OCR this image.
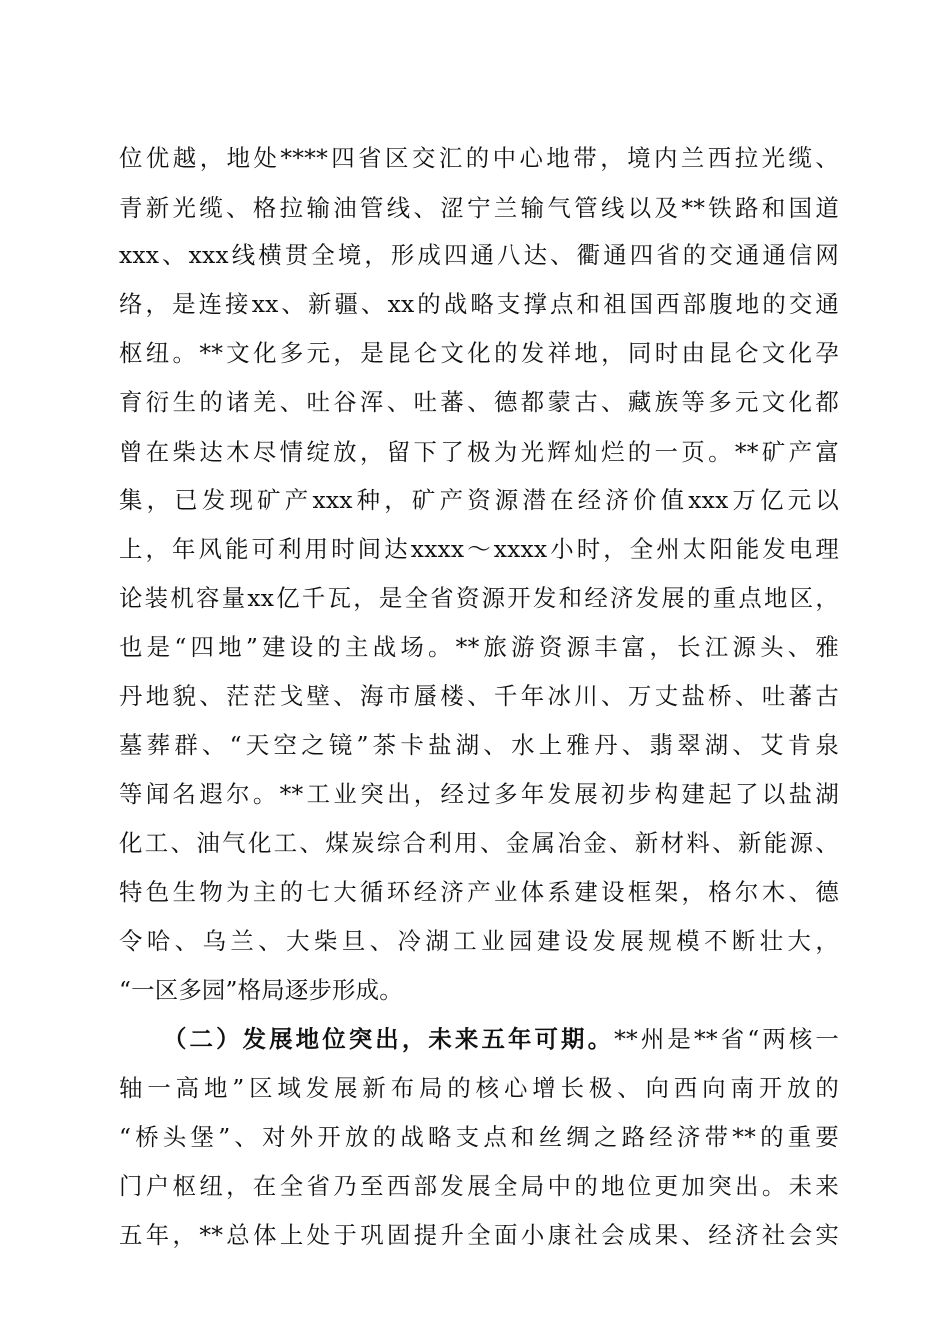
位优越，地处****四省区交汇的中心地带，境内兰西拉光缆、
青新光缆、格拉输油管线、涩宁兰输气管线以及**铁路和国道
xxx、xxx线横贯全境，形成四通八达、衢通四省的交通通信网
络，是连接xx、新疆、xx的战略支撑点和祖国西部腹地的交通
枢纽。**文化多元，是昆仑文化的发祥地，同时由昆仑文化孕
育衍生的诸羌、吐谷浑、吐蕃、德都蒙古、藏族等多元文化都
曾在柴达木尽情绽放，留下了极为光辉灿烂的一页。**矿产富
集，已发现矿产xxx种，矿产资源潜在经济价值xxx万亿元以
上，年风能可利用时间达xxxx～xxxx小时，全州太阳能发电理
论装机容量xx亿千瓦，是全省资源开发和经济发展的重点地区，
也是“四地”建设的主战场。**旅游资源丰富，长江源头、雅
丹地貌、茫茫戈壁、海市蜃楼、千年冰川、万丈盐桥、吐蕃古
墓葬群、“天空之镜”茶卡盐湖、水上雅丹、翡翠湖、艾肯泉
等闻名遐尔。**工业突出，经过多年发展初步构建起了以盐湖
化工、油气化工、煤炭综合利用、金属冶金、新材料、新能源、
特色生物为主的七大循环经济产业体系建设框架，格尔木、德
令哈、乌兰、大柴旦、冷湖工业园建设发展规模不断壮大，
“一区多园”格局逐步形成。
（二）发展地位突出，未来五年可期。**州是**省“两核一
轴一高地”区域发展新布局的核心增长极、向西向南开放的
“桥头堡”、对外开放的战略支点和丝绸之路经济带**的重要
门户枢纽，在全省乃至西部发展全局中的地位更加突出。未来
五年，**总体上处于巩固提升全面小康社会成果、经济社会实
